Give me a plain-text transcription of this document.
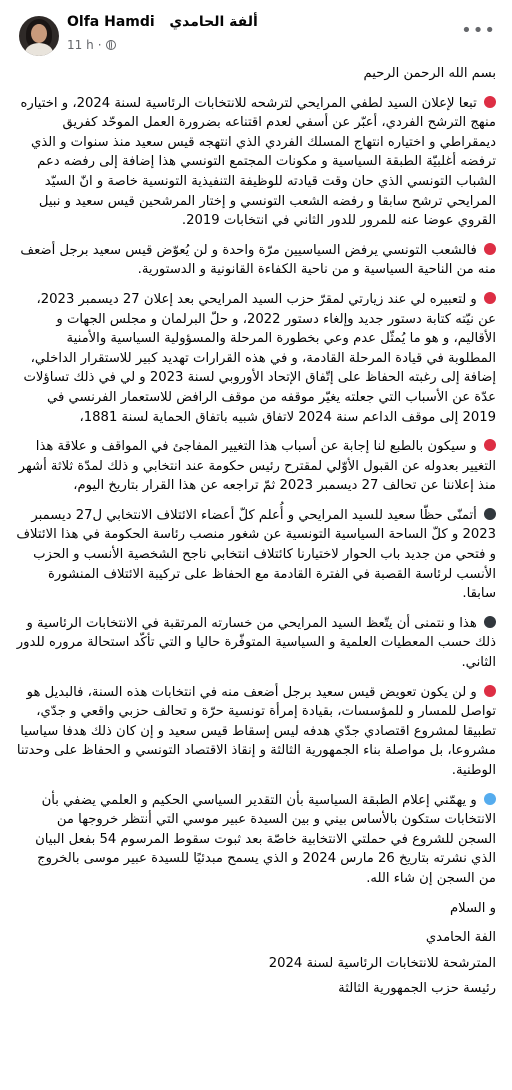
Olfa Hamdi ألفة الحامدي
11 h ·
•••

بسم الله الرحمن الرحيم

تبعا لإعلان السيد لطفي المرايحي لترشحه للانتخابات الرئاسية لسنة 2024، و اختياره منهج الترشح الفردي، أعبّر عن أسفي لعدم اقتناعه بضرورة العمل الموحّد كفريق ديمقراطي و اختياره انتهاج المسلك الفردي الذي انتهجه قيس سعيد منذ سنوات و الذي ترفضه أغلبيّة الطبقة السياسية و مكونات المجتمع التونسي هذا إضافة إلى رفضه دعم الشباب التونسي الذي حان وقت قيادته للوظيفة التنفيذية التونسية خاصة و انّ السيّد المرايحي ترشح سابقا و رفضه الشعب التونسي و إختار المرشحين قيس سعيد و نبيل القروي عوضا عنه للمرور للدور الثاني في انتخابات 2019.

فالشعب التونسي يرفض السياسيين مرّة واحدة و لن يُعوّض قيس سعيد برجل أضعف منه من الناحية السياسية و من ناحية الكفاءة القانونية و الدستورية.

و لتعبيره لي عند زيارتي لمقرّ حزب السيد المرايحي بعد إعلان 27 ديسمبر 2023، عن نيّته كتابة دستور جديد وإلغاء دستور 2022، و حلّ البرلمان و مجلس الجهات و الأقاليم، و هو ما يُمثّل عدم وعي بخطورة المرحلة والمسؤولية السياسية والأمنية المطلوبة في قيادة المرحلة القادمة، و في هذه القرارات تهديد كبير للاستقرار الداخلي، إضافة إلى رغبته الحفاظ على إتّفاق الإتحاد الأوروبي لسنة 2023 و لي في ذلك تساؤلات عدّة عن الأسباب التي جعلته يغيّر موقفه من موقف الرافض للاستعمار الفرنسي في 2019 إلى موقف الداعم سنة 2024 لاتفاق شبيه باتفاق الحماية لسنة 1881،

و سيكون بالطبع لنا إجابة عن أسباب هذا التغيير المفاجئ في المواقف و علاقة هذا التغيير بعدوله عن القبول الأوّلي لمقترح رئيس حكومة عند انتخابي و ذلك لمدّة ثلاثة أشهر منذ إعلاننا عن تحالف 27 ديسمبر 2023 ثمّ تراجعه عن هذا القرار بتاريخ اليوم،

أتمنّى حظّا سعيد للسيد المرايحي و أُعلم كلّ أعضاء الائتلاف الانتخابي ل27 ديسمبر 2023 و كلّ الساحة السياسية التونسية عن شغور منصب رئاسة الحكومة في هذا الائتلاف و فتحي من جديد باب الحوار لاختيارنا كائتلاف انتخابي ناجح الشخصية الأنسب و الحزب الأنسب لرئاسة القصبة في الفترة القادمة مع الحفاظ على تركيبة الائتلاف المنشورة سابقا.

هذا و نتمنى أن يتّعظ السيد المرايحي من خسارته المرتقبة في الانتخابات الرئاسية و ذلك حسب المعطيات العلمية و السياسية المتوفّرة حاليا و التي تأكّد استحالة مروره للدور الثاني.

و لن يكون تعويض قيس سعيد برجل أضعف منه في انتخابات هذه السنة، فالبديل هو تواصل للمسار و للمؤسسات، بقيادة إمرأة تونسية حرّة و تحالف حزبي واقعي و جدّي، تطبيقا لمشروع اقتصادي جدّي هدفه ليس إسقاط قيس سعيد و إن كان ذلك هدفا سياسيا مشروعا، بل مواصلة بناء الجمهورية الثالثة و إنقاذ الاقتصاد التونسي و الحفاظ على وحدتنا الوطنية.

و يهمّني إعلام الطبقة السياسية بأن التقدير السياسي الحكيم و العلمي يضفي بأن الانتخابات ستكون بالأساس بيني و بين السيدة عبير موسي التي أنتظر خروجها من السجن للشروع في حملتي الانتخابية خاصّة بعد ثبوت سقوط المرسوم 54 بفعل البيان الذي نشرته بتاريخ 26 مارس 2024 و الذي يسمح مبدئيًا للسيدة عبير موسى بالخروج من السجن إن شاء الله.

و السلام

الفة الحامدي

المترشحة للانتخابات الرئاسية لسنة 2024

رئيسة حزب الجمهورية الثالثة
